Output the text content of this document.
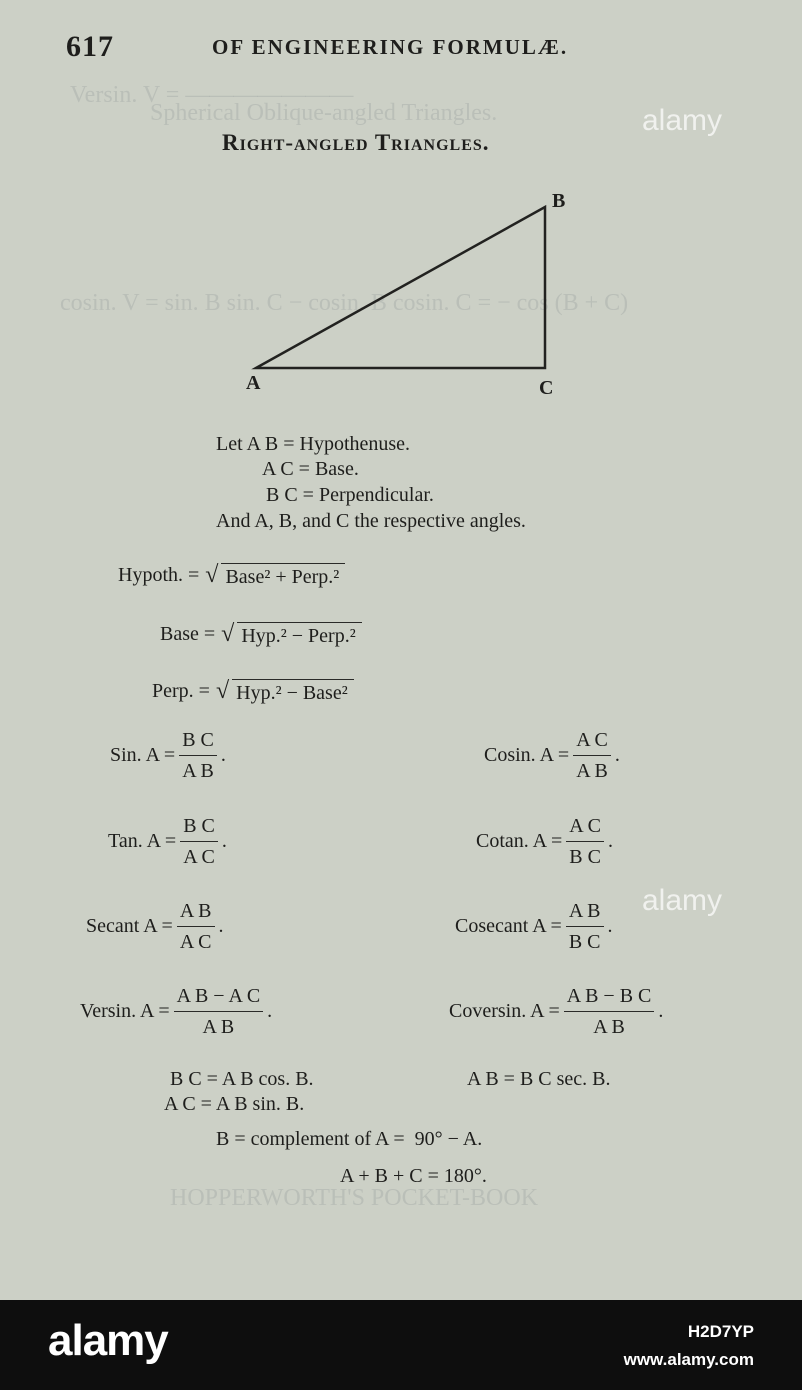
Versin. V = ———————
Spherical Oblique-angled Triangles.
cosin. V = sin. B sin. C − cosin. B cosin. C = − cos (B + C)
HOPPERWORTH'S POCKET-BOOK
617	OF ENGINEERING FORMULÆ.
Right-angled Triangles.
A
B
C
Let A B = Hypothenuse.
A C = Base.
B C = Perpendicular.
And A, B, and C the respective angles.
Hypoth. = √ Base² + Perp.²
Base = √ Hyp.² − Perp.²
Perp. = √ Hyp.² − Base²
Sin. $A = \frac{\text{B C}}{\text{A B}}$ .	Cosin. $A = \frac{\text{A C}}{\text{A B}}$ .
Tan. $A = \frac{\text{B C}}{\text{A C}}$ .	Cotan. $A = \frac{\text{A C}}{\text{B C}}$ .
Secant $A = \frac{\text{A B}}{\text{A C}}$ .	Cosecant $A = \frac{\text{A B}}{\text{B C}}$ .
Versin. $A = \frac{\text{A B − A C}}{\text{A B}}$ .	Coversin. $A = \frac{\text{A B − B C}}{\text{A B}}$ .
B C = A B cos. B.
A C = A B sin. B.
A B = B C sec. B.
B = complement of A =  90° − A.
A + B + C = 180°.
alamy
alamy
alamy	H2D7YP
www.alamy.com
